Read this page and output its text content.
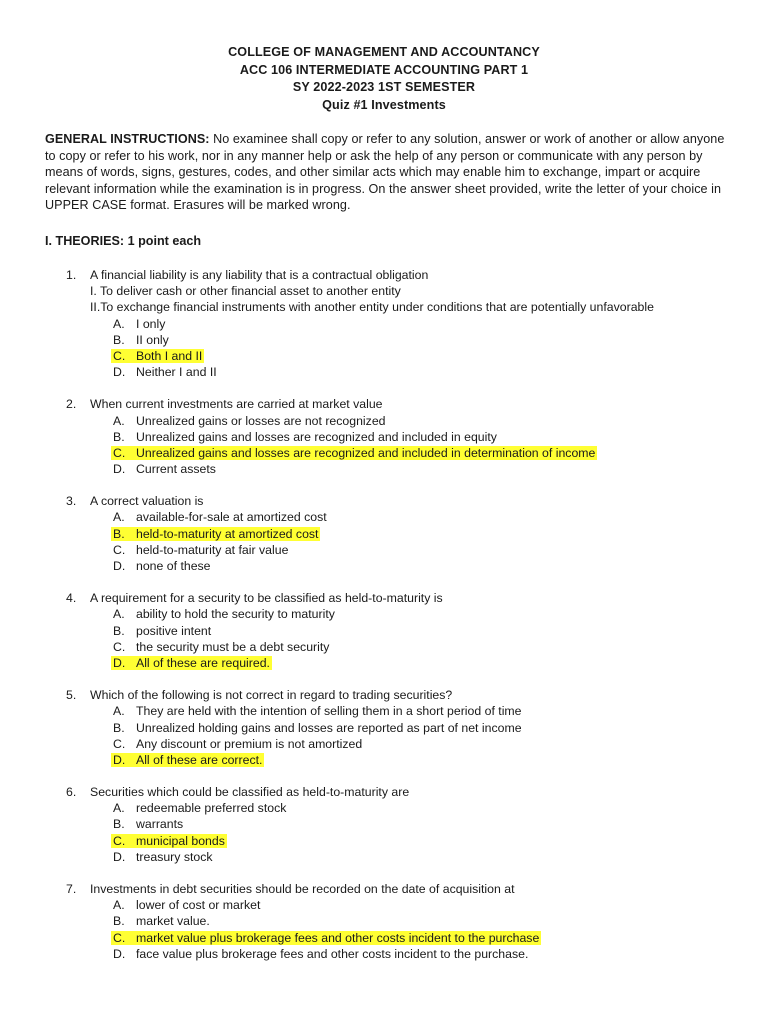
COLLEGE OF MANAGEMENT AND ACCOUNTANCY
ACC 106 INTERMEDIATE ACCOUNTING PART 1
SY 2022-2023 1ST SEMESTER
Quiz #1 Investments
GENERAL INSTRUCTIONS: No examinee shall copy or refer to any solution, answer or work of another or allow anyone to copy or refer to his work, nor in any manner help or ask the help of any person or communicate with any person by means of words, signs, gestures, codes, and other similar acts which may enable him to exchange, impart or acquire relevant information while the examination is in progress. On the answer sheet provided, write the letter of your choice in UPPER CASE format. Erasures will be marked wrong.
I. THEORIES: 1 point each
1. A financial liability is any liability that is a contractual obligation
I. To deliver cash or other financial asset to another entity
II.To exchange financial instruments with another entity under conditions that are potentially unfavorable
A. I only
B. II only
C. Both I and II
D. Neither I and II
2. When current investments are carried at market value
A. Unrealized gains or losses are not recognized
B. Unrealized gains and losses are recognized and included in equity
C. Unrealized gains and losses are recognized and included in determination of income
D. Current assets
3. A correct valuation is
A. available-for-sale at amortized cost
B. held-to-maturity at amortized cost
C. held-to-maturity at fair value
D. none of these
4. A requirement for a security to be classified as held-to-maturity is
A. ability to hold the security to maturity
B. positive intent
C. the security must be a debt security
D. All of these are required.
5. Which of the following is not correct in regard to trading securities?
A. They are held with the intention of selling them in a short period of time
B. Unrealized holding gains and losses are reported as part of net income
C. Any discount or premium is not amortized
D. All of these are correct.
6. Securities which could be classified as held-to-maturity are
A. redeemable preferred stock
B. warrants
C. municipal bonds
D. treasury stock
7. Investments in debt securities should be recorded on the date of acquisition at
A. lower of cost or market
B. market value.
C. market value plus brokerage fees and other costs incident to the purchase
D. face value plus brokerage fees and other costs incident to the purchase.
